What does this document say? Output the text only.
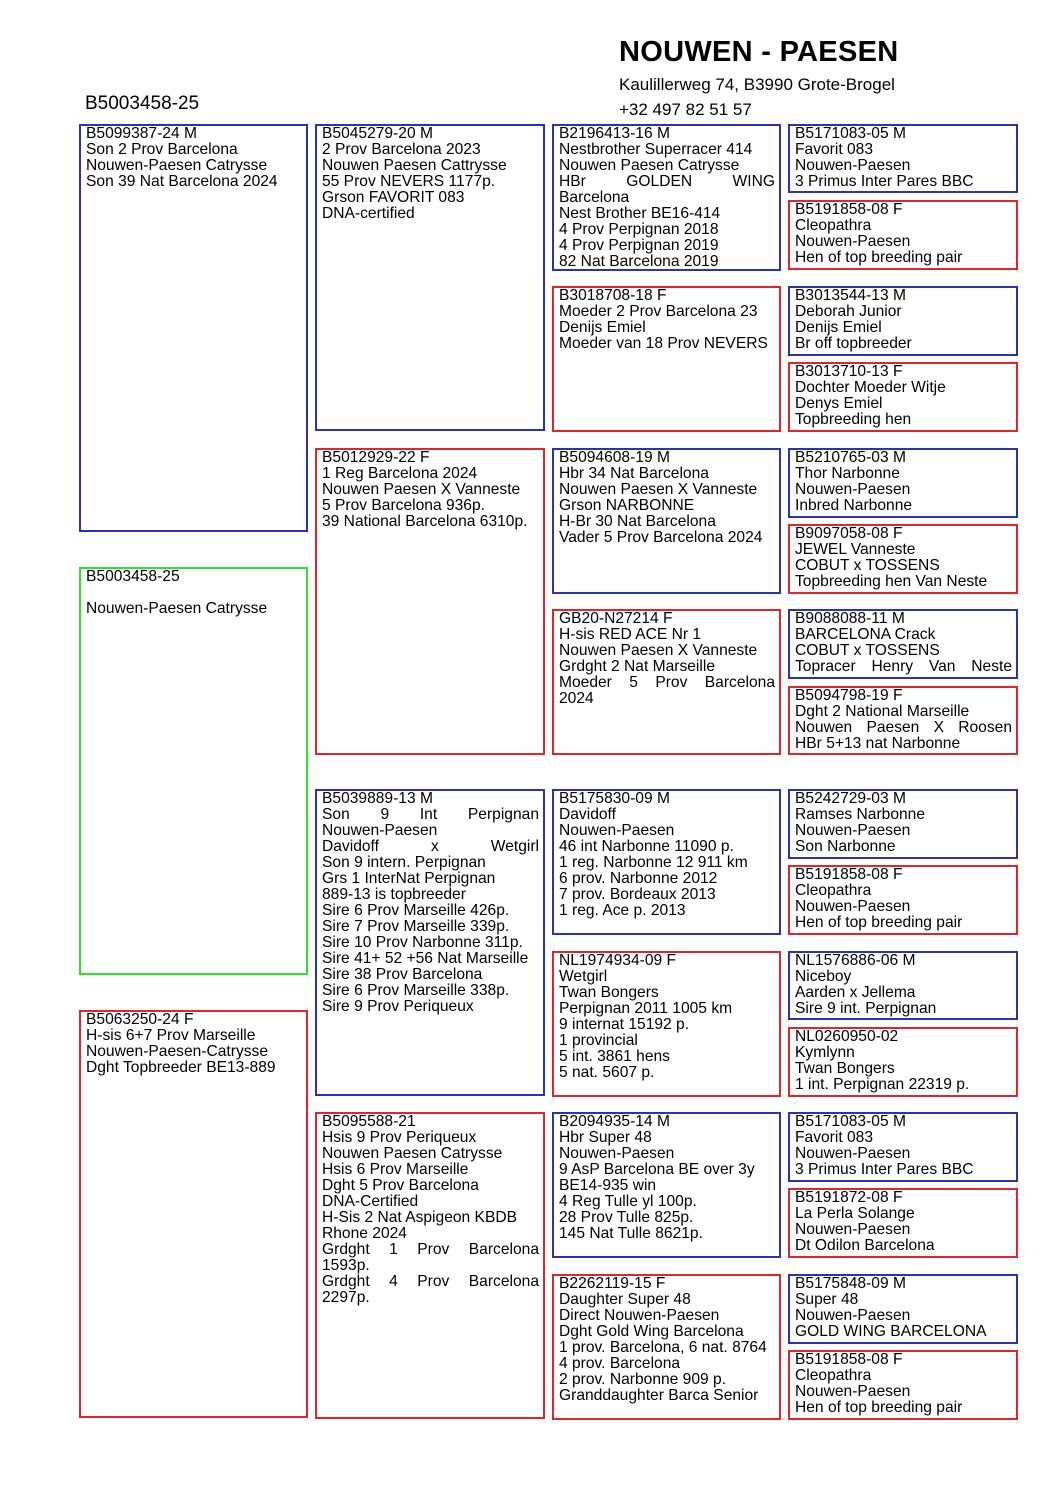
NOUWEN - PAESEN
Kaulillerweg 74, B3990 Grote-Brogel
+32 497 82 51 57
B5003458-25
B5099387-24 M
Son 2 Prov Barcelona
Nouwen-Paesen Catrysse
Son 39 Nat Barcelona 2024
B5003458-25
Nouwen-Paesen Catrysse
B5063250-24 F
H-sis 6+7 Prov Marseille
Nouwen-Paesen-Catrysse
Dght Topbreeder BE13-889
B5045279-20 M
2 Prov Barcelona 2023
Nouwen Paesen Cattrysse
55 Prov NEVERS 1177p.
Grson FAVORIT 083
DNA-certified
B5012929-22 F
1 Reg Barcelona 2024
Nouwen Paesen X Vanneste
5 Prov Barcelona 936p.
39 National Barcelona 6310p.
B5039889-13 M
Son 9 Int Perpignan
Nouwen-Paesen
Davidoff x Wetgirl
Son 9 intern. Perpignan
Grs 1 InterNat Perpignan
889-13 is topbreeder
Sire 6 Prov Marseille 426p.
Sire 7 Prov Marseille 339p.
Sire 10 Prov Narbonne 311p.
Sire 41+ 52 +56 Nat Marseille
Sire 38 Prov Barcelona
Sire 6 Prov Marseille 338p.
Sire 9 Prov Periqueux
B5095588-21
Hsis 9 Prov Periqueux
Nouwen Paesen Catrysse
Hsis 6 Prov Marseille
Dght 5 Prov Barcelona
DNA-Certified
H-Sis 2 Nat Aspigeon KBDB
Rhone 2024
Grdght 1 Prov Barcelona
1593p.
Grdght 4 Prov Barcelona
2297p.
B2196413-16 M
Nestbrother Superracer 414
Nouwen Paesen Catrysse
HBr GOLDEN WING
Barcelona
Nest Brother BE16-414
4 Prov Perpignan 2018
4 Prov Perpignan 2019
82 Nat Barcelona 2019
B3018708-18 F
Moeder 2 Prov Barcelona 23
Denijs Emiel
Moeder van 18 Prov NEVERS
B5094608-19 M
Hbr 34 Nat Barcelona
Nouwen Paesen X Vanneste
Grson NARBONNE
H-Br 30 Nat Barcelona
Vader 5 Prov Barcelona 2024
GB20-N27214 F
H-sis RED ACE Nr 1
Nouwen Paesen X Vanneste
Grdght 2 Nat Marseille
Moeder 5 Prov Barcelona
2024
B5175830-09 M
Davidoff
Nouwen-Paesen
46 int Narbonne 11090 p.
1 reg. Narbonne 12 911 km
6 prov. Narbonne 2012
7 prov. Bordeaux 2013
1 reg. Ace p. 2013
NL1974934-09 F
Wetgirl
Twan Bongers
Perpignan 2011 1005 km
9 internat 15192 p.
1 provincial
5 int. 3861 hens
5 nat. 5607 p.
B2094935-14 M
Hbr Super 48
Nouwen-Paesen
9 AsP Barcelona BE over 3y
BE14-935 win
4 Reg Tulle yl 100p.
28 Prov Tulle 825p.
145 Nat Tulle 8621p.
B2262119-15 F
Daughter Super 48
Direct Nouwen-Paesen
Dght Gold Wing Barcelona
1 prov. Barcelona, 6 nat. 8764
4 prov. Barcelona
2 prov. Narbonne 909 p.
Granddaughter Barca Senior
B5171083-05 M
Favorit 083
Nouwen-Paesen
3 Primus Inter Pares BBC
B5191858-08 F
Cleopathra
Nouwen-Paesen
Hen of top breeding pair
B3013544-13 M
Deborah Junior
Denijs Emiel
Br off topbreeder
B3013710-13 F
Dochter Moeder Witje
Denys Emiel
Topbreeding hen
B5210765-03 M
Thor Narbonne
Nouwen-Paesen
Inbred Narbonne
B9097058-08 F
JEWEL Vanneste
COBUT x TOSSENS
Topbreeding hen Van Neste
B9088088-11 M
BARCELONA Crack
COBUT x TOSSENS
Topracer Henry Van Neste
B5094798-19 F
Dght 2 National Marseille
Nouwen Paesen X Roosen
HBr 5+13 nat Narbonne
B5242729-03 M
Ramses Narbonne
Nouwen-Paesen
Son Narbonne
B5191858-08 F
Cleopathra
Nouwen-Paesen
Hen of top breeding pair
NL1576886-06 M
Niceboy
Aarden x Jellema
Sire 9 int. Perpignan
NL0260950-02
Kymlynn
Twan Bongers
1 int. Perpignan 22319 p.
B5171083-05 M
Favorit 083
Nouwen-Paesen
3 Primus Inter Pares BBC
B5191872-08 F
La Perla Solange
Nouwen-Paesen
Dt Odilon Barcelona
B5175848-09 M
Super 48
Nouwen-Paesen
GOLD WING BARCELONA
B5191858-08 F
Cleopathra
Nouwen-Paesen
Hen of top breeding pair
